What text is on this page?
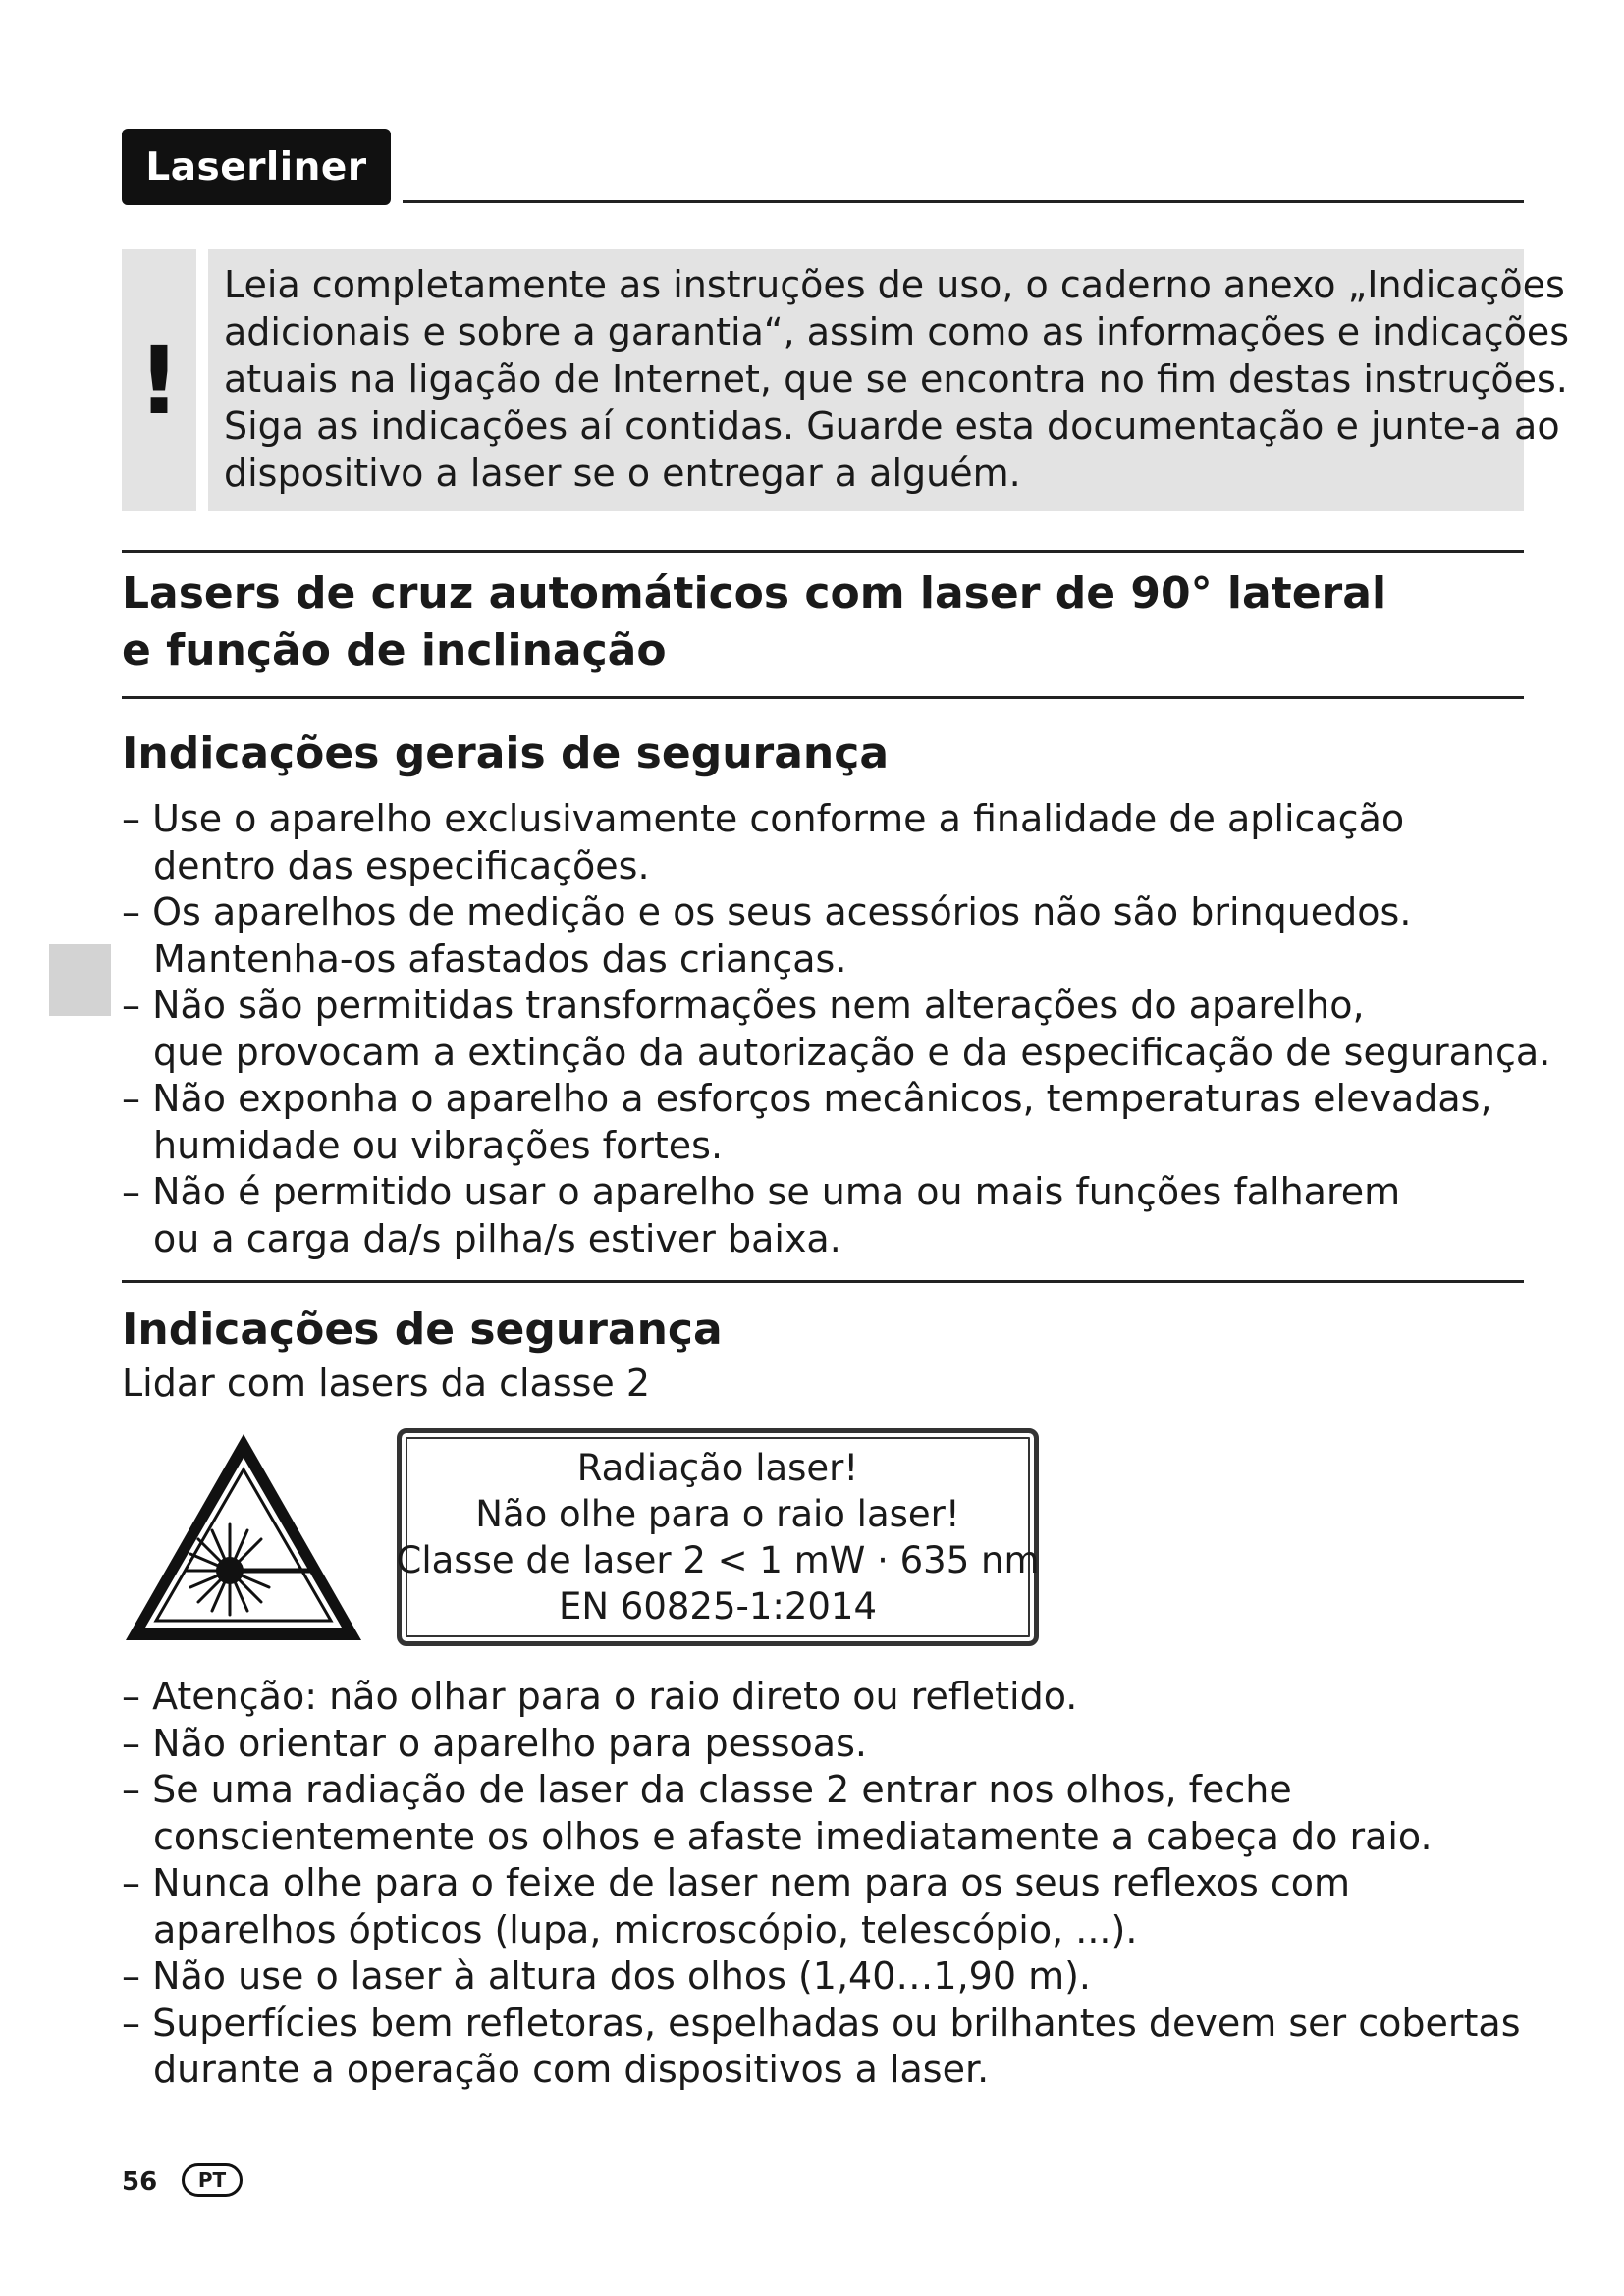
Laserliner
!
Leia completamente as instruções de uso, o caderno anexo „Indicações
adicionais e sobre a garantia“, assim como as informações e indicações
atuais na ligação de Internet, que se encontra no fim destas instruções.
Siga as indicações aí contidas. Guarde esta documentação e junte-a ao
dispositivo a laser se o entregar a alguém.
Lasers de cruz automáticos com laser de 90° lateral
e função de inclinação
Indicações gerais de segurança
– Use o aparelho exclusivamente conforme a finalidade de aplicação
dentro das especificações.
– Os aparelhos de medição e os seus acessórios não são brinquedos.
Mantenha-os afastados das crianças.
– Não são permitidas transformações nem alterações do aparelho,
que provocam a extinção da autorização e da especificação de segurança.
– Não exponha o aparelho a esforços mecânicos, temperaturas elevadas,
humidade ou vibrações fortes.
– Não é permitido usar o aparelho se uma ou mais funções falharem
ou a carga da/s pilha/s estiver baixa.
Indicações de segurança
Lidar com lasers da classe 2
Radiação laser!
Não olhe para o raio laser!
Classe de laser 2 < 1 mW · 635 nm
EN 60825-1:2014
– Atenção: não olhar para o raio direto ou refletido.
– Não orientar o aparelho para pessoas.
– Se uma radiação de laser da classe 2 entrar nos olhos, feche
conscientemente os olhos e afaste imediatamente a cabeça do raio.
– Nunca olhe para o feixe de laser nem para os seus reflexos com
aparelhos ópticos (lupa, microscópio, telescópio, ...).
– Não use o laser à altura dos olhos (1,40…1,90 m).
– Superfícies bem refletoras, espelhadas ou brilhantes devem ser cobertas
durante a operação com dispositivos a laser.
56	PT
